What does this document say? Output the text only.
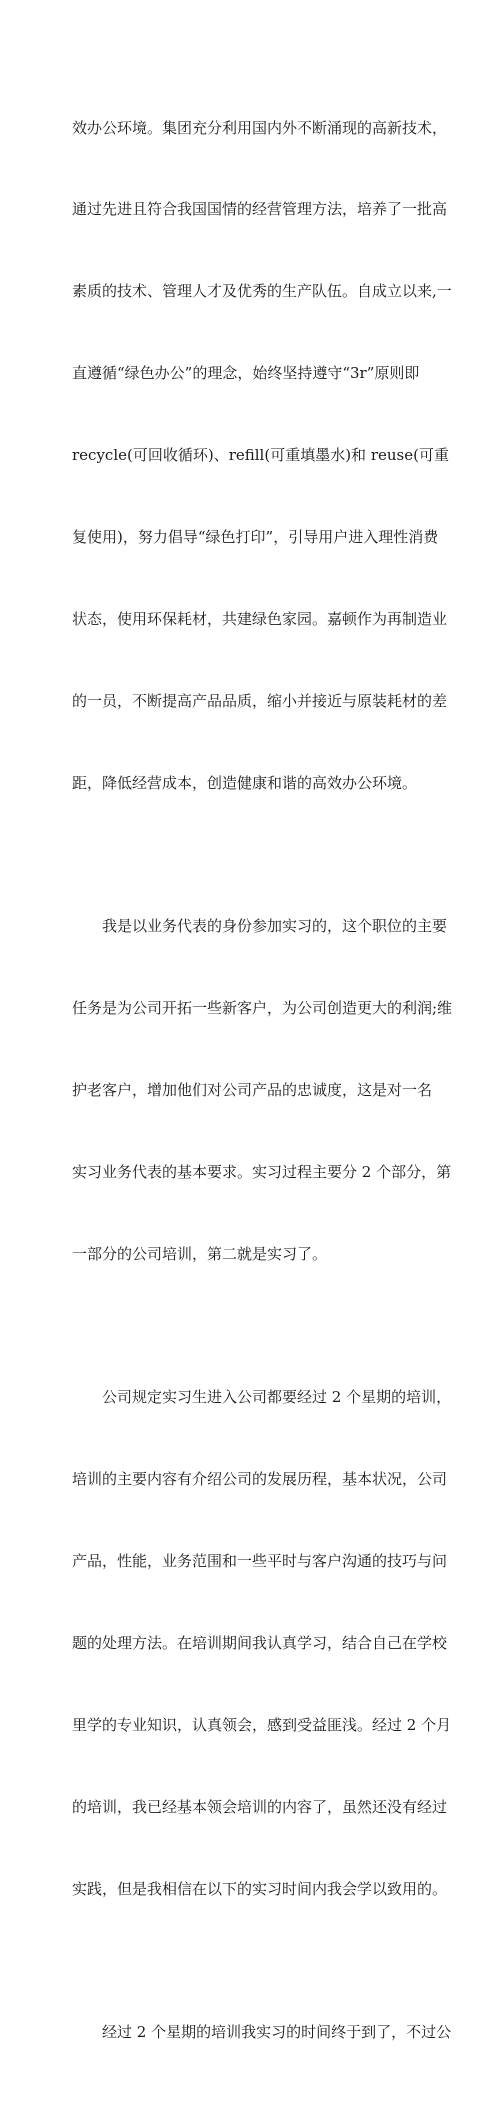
效办公环境。集团充分利用国内外不断涌现的高新技术，

通过先进且符合我国国情的经营管理方法，培养了一批高

素质的技术、管理人才及优秀的生产队伍。自成立以来,一

直遵循“绿色办公”的理念，始终坚持遵守“3r”原则即

recycle(可回收循环)、refill(可重填墨水)和 reuse(可重

复使用)，努力倡导“绿色打印”，引导用户进入理性消费

状态，使用环保耗材，共建绿色家园。嘉顿作为再制造业

的一员，不断提高产品品质，缩小并接近与原装耗材的差

距，降低经营成本，创造健康和谐的高效办公环境。

我是以业务代表的身份参加实习的，这个职位的主要

任务是为公司开拓一些新客户，为公司创造更大的利润;维

护老客户，增加他们对公司产品的忠诚度，这是对一名

实习业务代表的基本要求。实习过程主要分 2 个部分，第

一部分的公司培训，第二就是实习了。

公司规定实习生进入公司都要经过 2 个星期的培训，

培训的主要内容有介绍公司的发展历程，基本状况，公司

产品，性能，业务范围和一些平时与客户沟通的技巧与问

题的处理方法。在培训期间我认真学习，结合自己在学校

里学的专业知识，认真领会，感到受益匪浅。经过 2 个月

的培训，我已经基本领会培训的内容了，虽然还没有经过

实践，但是我相信在以下的实习时间内我会学以致用的。

经过 2 个星期的培训我实习的时间终于到了，不过公
